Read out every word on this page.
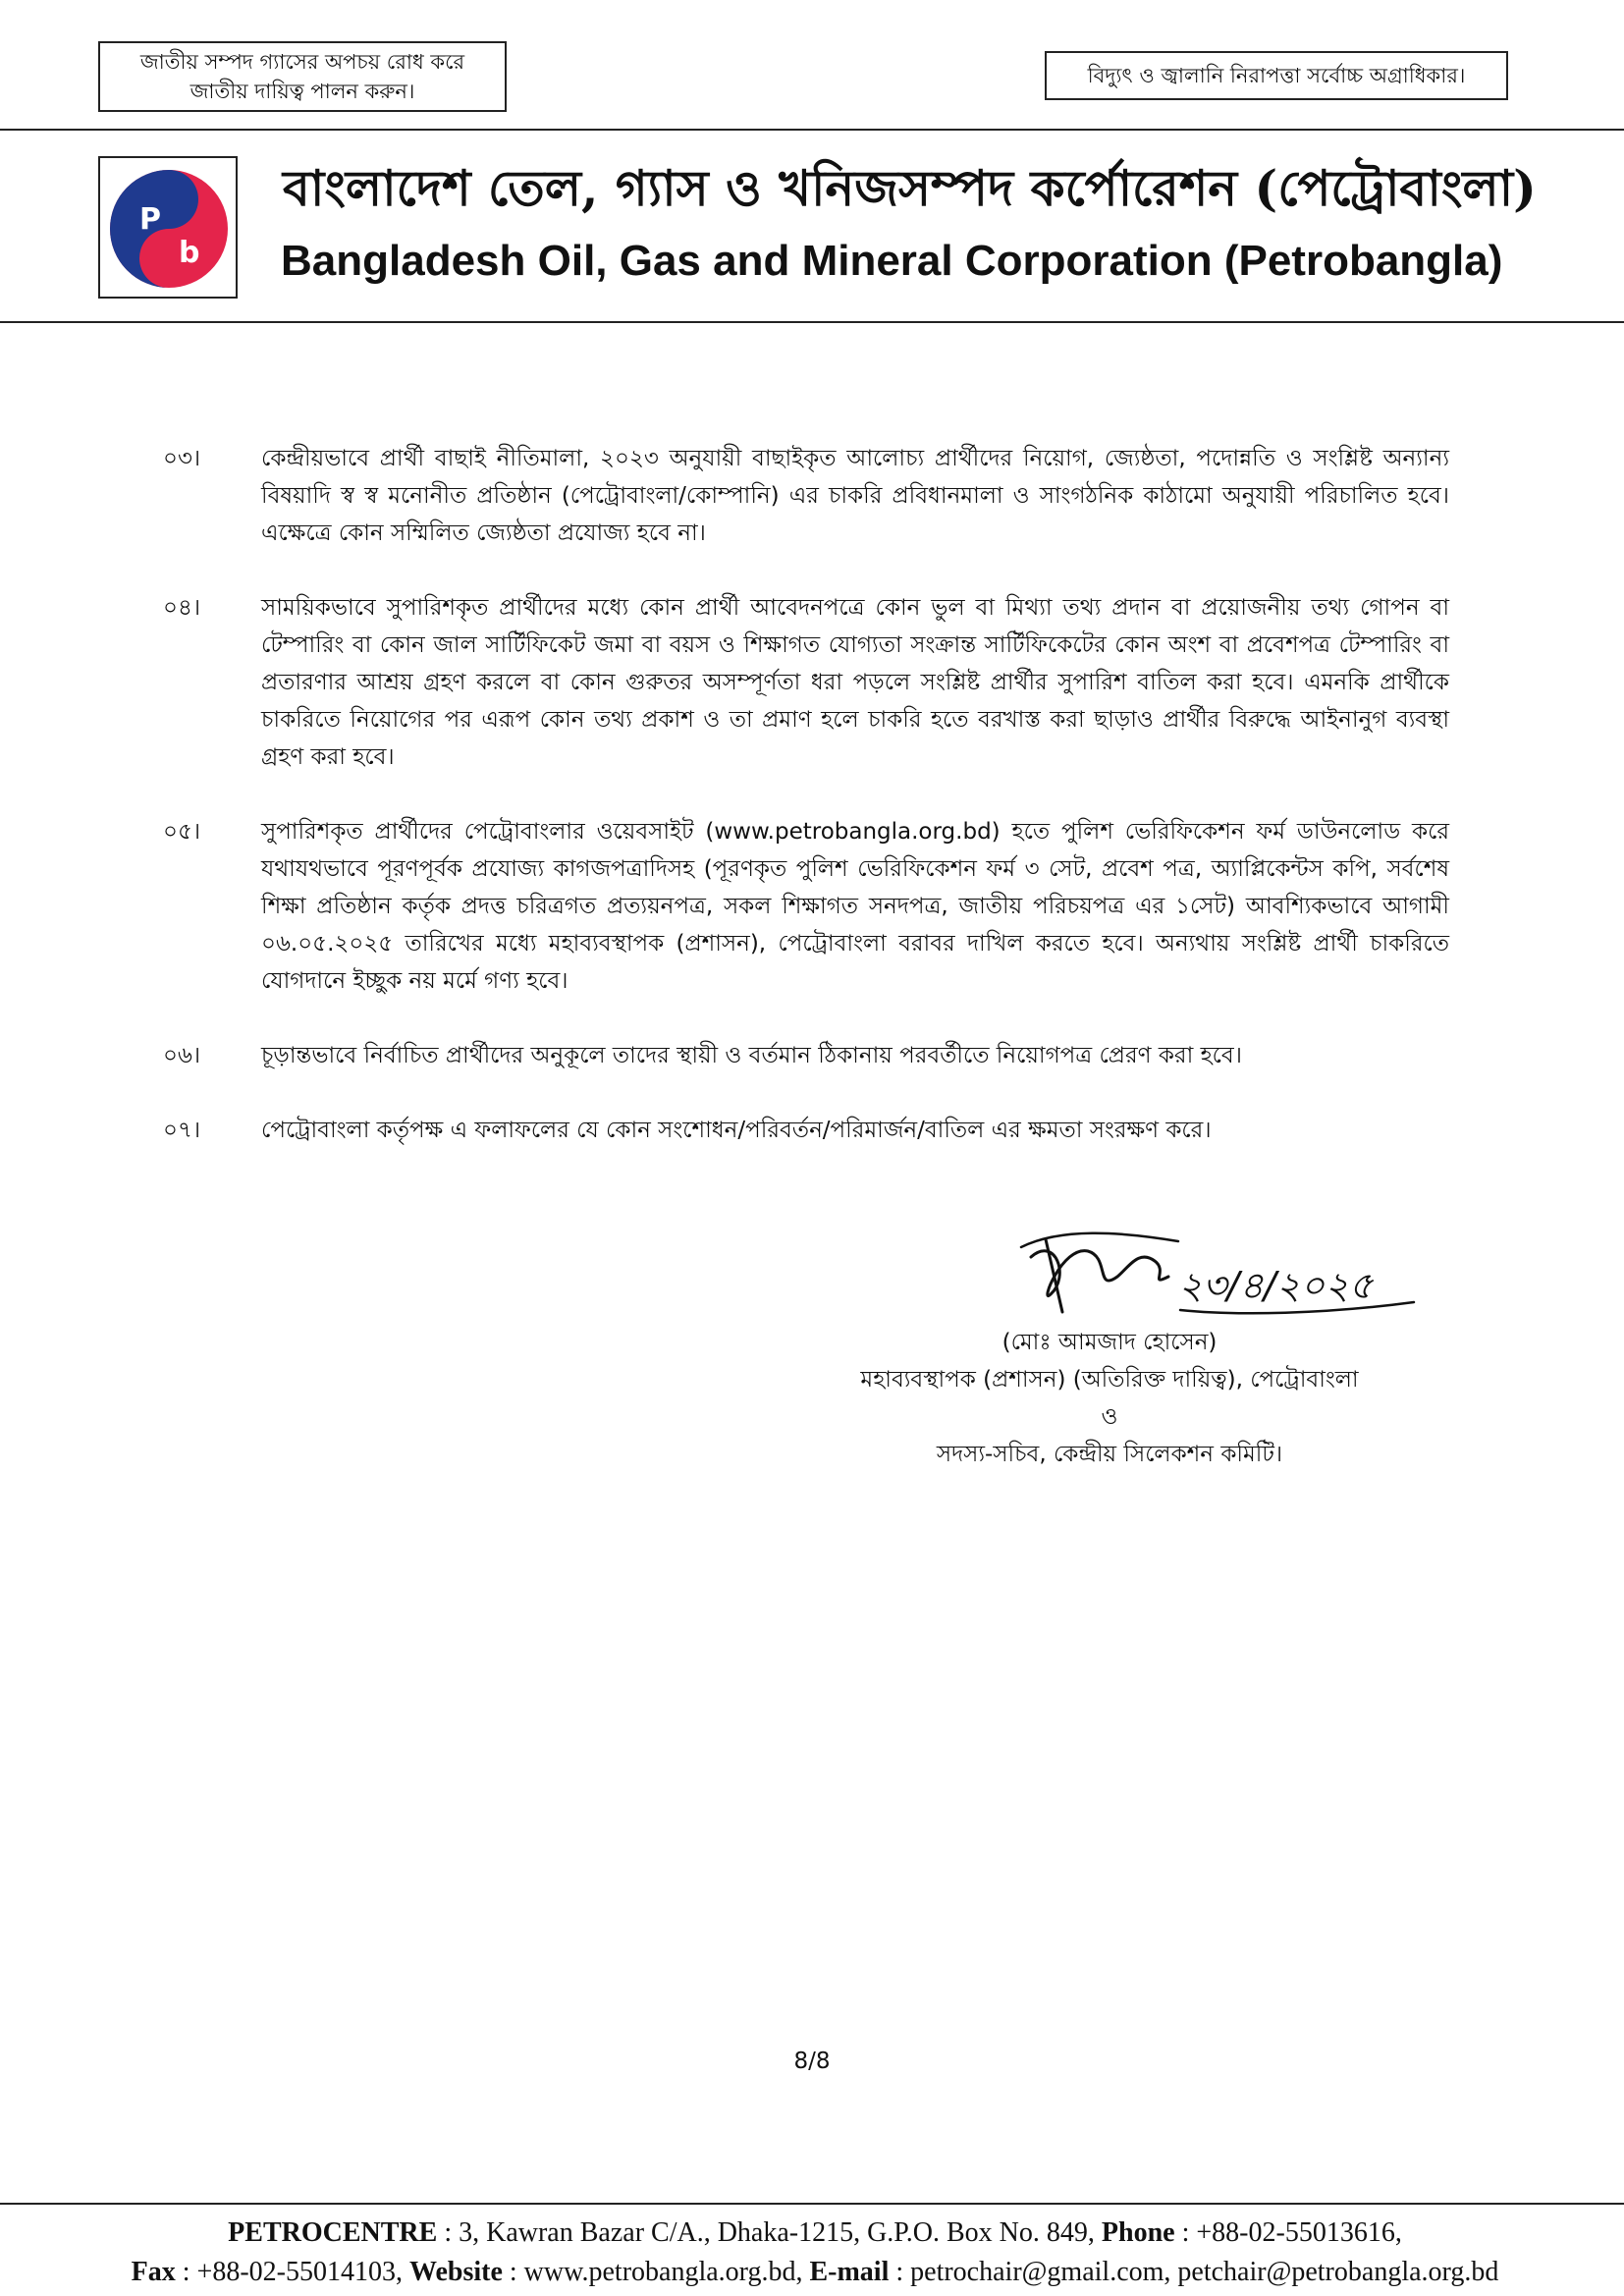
জাতীয় সম্পদ গ্যাসের অপচয় রোধ করে
জাতীয় দায়িত্ব পালন করুন।
বিদ্যুৎ ও জ্বালানি নিরাপত্তা সর্বোচ্চ অগ্রাধিকার।
P
b
বাংলাদেশ তেল, গ্যাস ও খনিজসম্পদ কর্পোরেশন (পেট্রোবাংলা)
Bangladesh Oil, Gas and Mineral Corporation (Petrobangla)
০৩।	কেন্দ্রীয়ভাবে প্রার্থী বাছাই নীতিমালা, ২০২৩ অনুযায়ী বাছাইকৃত আলোচ্য প্রার্থীদের নিয়োগ, জ্যেষ্ঠতা, পদোন্নতি ও সংশ্লিষ্ট অন্যান্য বিষয়াদি স্ব স্ব মনোনীত প্রতিষ্ঠান (পেট্রোবাংলা/কোম্পানি) এর চাকরি প্রবিধানমালা ও সাংগঠনিক কাঠামো অনুযায়ী পরিচালিত হবে। এক্ষেত্রে কোন সম্মিলিত জ্যেষ্ঠতা প্রযোজ্য হবে না।
০৪।	সাময়িকভাবে সুপারিশকৃত প্রার্থীদের মধ্যে কোন প্রার্থী আবেদনপত্রে কোন ভুল বা মিথ্যা তথ্য প্রদান বা প্রয়োজনীয় তথ্য গোপন বা টেম্পারিং বা কোন জাল সার্টিফিকেট জমা বা বয়স ও শিক্ষাগত যোগ্যতা সংক্রান্ত সার্টিফিকেটের কোন অংশ বা প্রবেশপত্র টেম্পারিং বা প্রতারণার আশ্রয় গ্রহণ করলে বা কোন গুরুতর অসম্পূর্ণতা ধরা পড়লে সংশ্লিষ্ট প্রার্থীর সুপারিশ বাতিল করা হবে। এমনকি প্রার্থীকে চাকরিতে নিয়োগের পর এরূপ কোন তথ্য প্রকাশ ও তা প্রমাণ হলে চাকরি হতে বরখাস্ত করা ছাড়াও প্রার্থীর বিরুদ্ধে আইনানুগ ব্যবস্থা গ্রহণ করা হবে।
০৫।	সুপারিশকৃত প্রার্থীদের পেট্রোবাংলার ওয়েবসাইট (www.petrobangla.org.bd) হতে পুলিশ ভেরিফিকেশন ফর্ম ডাউনলোড করে যথাযথভাবে পূরণপূর্বক প্রযোজ্য কাগজপত্রাদিসহ (পূরণকৃত পুলিশ ভেরিফিকেশন ফর্ম ৩ সেট, প্রবেশ পত্র, অ্যাপ্লিকেন্টস কপি, সর্বশেষ শিক্ষা প্রতিষ্ঠান কর্তৃক প্রদত্ত চরিত্রগত প্রত্যয়নপত্র, সকল শিক্ষাগত সনদপত্র, জাতীয় পরিচয়পত্র এর ১সেট) আবশ্যিকভাবে আগামী ০৬.০৫.২০২৫ তারিখের মধ্যে মহাব্যবস্থাপক (প্রশাসন), পেট্রোবাংলা বরাবর দাখিল করতে হবে। অন্যথায় সংশ্লিষ্ট প্রার্থী চাকরিতে যোগদানে ইচ্ছুক নয় মর্মে গণ্য হবে।
০৬।	চূড়ান্তভাবে নির্বাচিত প্রার্থীদের অনুকূলে তাদের স্থায়ী ও বর্তমান ঠিকানায় পরবর্তীতে নিয়োগপত্র প্রেরণ করা হবে।
০৭।	পেট্রোবাংলা কর্তৃপক্ষ এ ফলাফলের যে কোন সংশোধন/পরিবর্তন/পরিমার্জন/বাতিল এর ক্ষমতা সংরক্ষণ করে।
২৩/৪/২০২৫
(মোঃ আমজাদ হোসেন)
মহাব্যবস্থাপক (প্রশাসন) (অতিরিক্ত দায়িত্ব), পেট্রোবাংলা
ও
সদস্য-সচিব, কেন্দ্রীয় সিলেকশন কমিটি।
8/8
PETROCENTRE : 3, Kawran Bazar C/A., Dhaka-1215, G.P.O. Box No. 849, Phone : +88-02-55013616,
Fax : +88-02-55014103, Website : www.petrobangla.org.bd, E-mail : petrochair@gmail.com, petchair@petrobangla.org.bd
